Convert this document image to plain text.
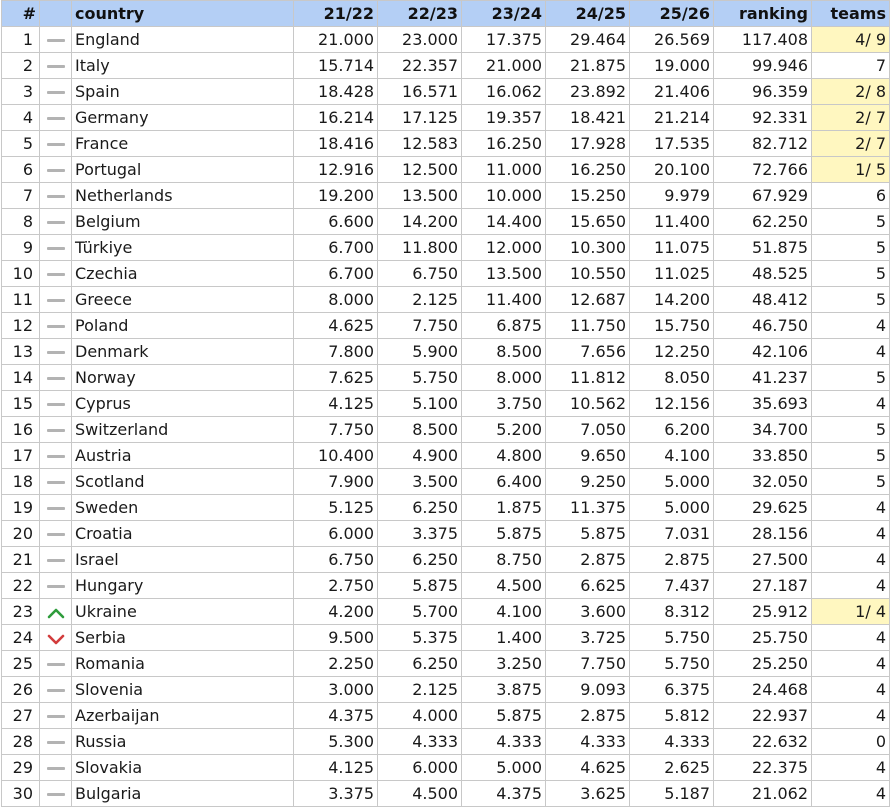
#		country	21/22	22/23	23/24	24/25	25/26	ranking	teams
1		England	21.000	23.000	17.375	29.464	26.569	117.408	4/ 9
2		Italy	15.714	22.357	21.000	21.875	19.000	99.946	7
3		Spain	18.428	16.571	16.062	23.892	21.406	96.359	2/ 8
4		Germany	16.214	17.125	19.357	18.421	21.214	92.331	2/ 7
5		France	18.416	12.583	16.250	17.928	17.535	82.712	2/ 7
6		Portugal	12.916	12.500	11.000	16.250	20.100	72.766	1/ 5
7		Netherlands	19.200	13.500	10.000	15.250	9.979	67.929	6
8		Belgium	6.600	14.200	14.400	15.650	11.400	62.250	5
9		Türkiye	6.700	11.800	12.000	10.300	11.075	51.875	5
10		Czechia	6.700	6.750	13.500	10.550	11.025	48.525	5
11		Greece	8.000	2.125	11.400	12.687	14.200	48.412	5
12		Poland	4.625	7.750	6.875	11.750	15.750	46.750	4
13		Denmark	7.800	5.900	8.500	7.656	12.250	42.106	4
14		Norway	7.625	5.750	8.000	11.812	8.050	41.237	5
15		Cyprus	4.125	5.100	3.750	10.562	12.156	35.693	4
16		Switzerland	7.750	8.500	5.200	7.050	6.200	34.700	5
17		Austria	10.400	4.900	4.800	9.650	4.100	33.850	5
18		Scotland	7.900	3.500	6.400	9.250	5.000	32.050	5
19		Sweden	5.125	6.250	1.875	11.375	5.000	29.625	4
20		Croatia	6.000	3.375	5.875	5.875	7.031	28.156	4
21		Israel	6.750	6.250	8.750	2.875	2.875	27.500	4
22		Hungary	2.750	5.875	4.500	6.625	7.437	27.187	4
23		Ukraine	4.200	5.700	4.100	3.600	8.312	25.912	1/ 4
24		Serbia	9.500	5.375	1.400	3.725	5.750	25.750	4
25		Romania	2.250	6.250	3.250	7.750	5.750	25.250	4
26		Slovenia	3.000	2.125	3.875	9.093	6.375	24.468	4
27		Azerbaijan	4.375	4.000	5.875	2.875	5.812	22.937	4
28		Russia	5.300	4.333	4.333	4.333	4.333	22.632	0
29		Slovakia	4.125	6.000	5.000	4.625	2.625	22.375	4
30		Bulgaria	3.375	4.500	4.375	3.625	5.187	21.062	4
